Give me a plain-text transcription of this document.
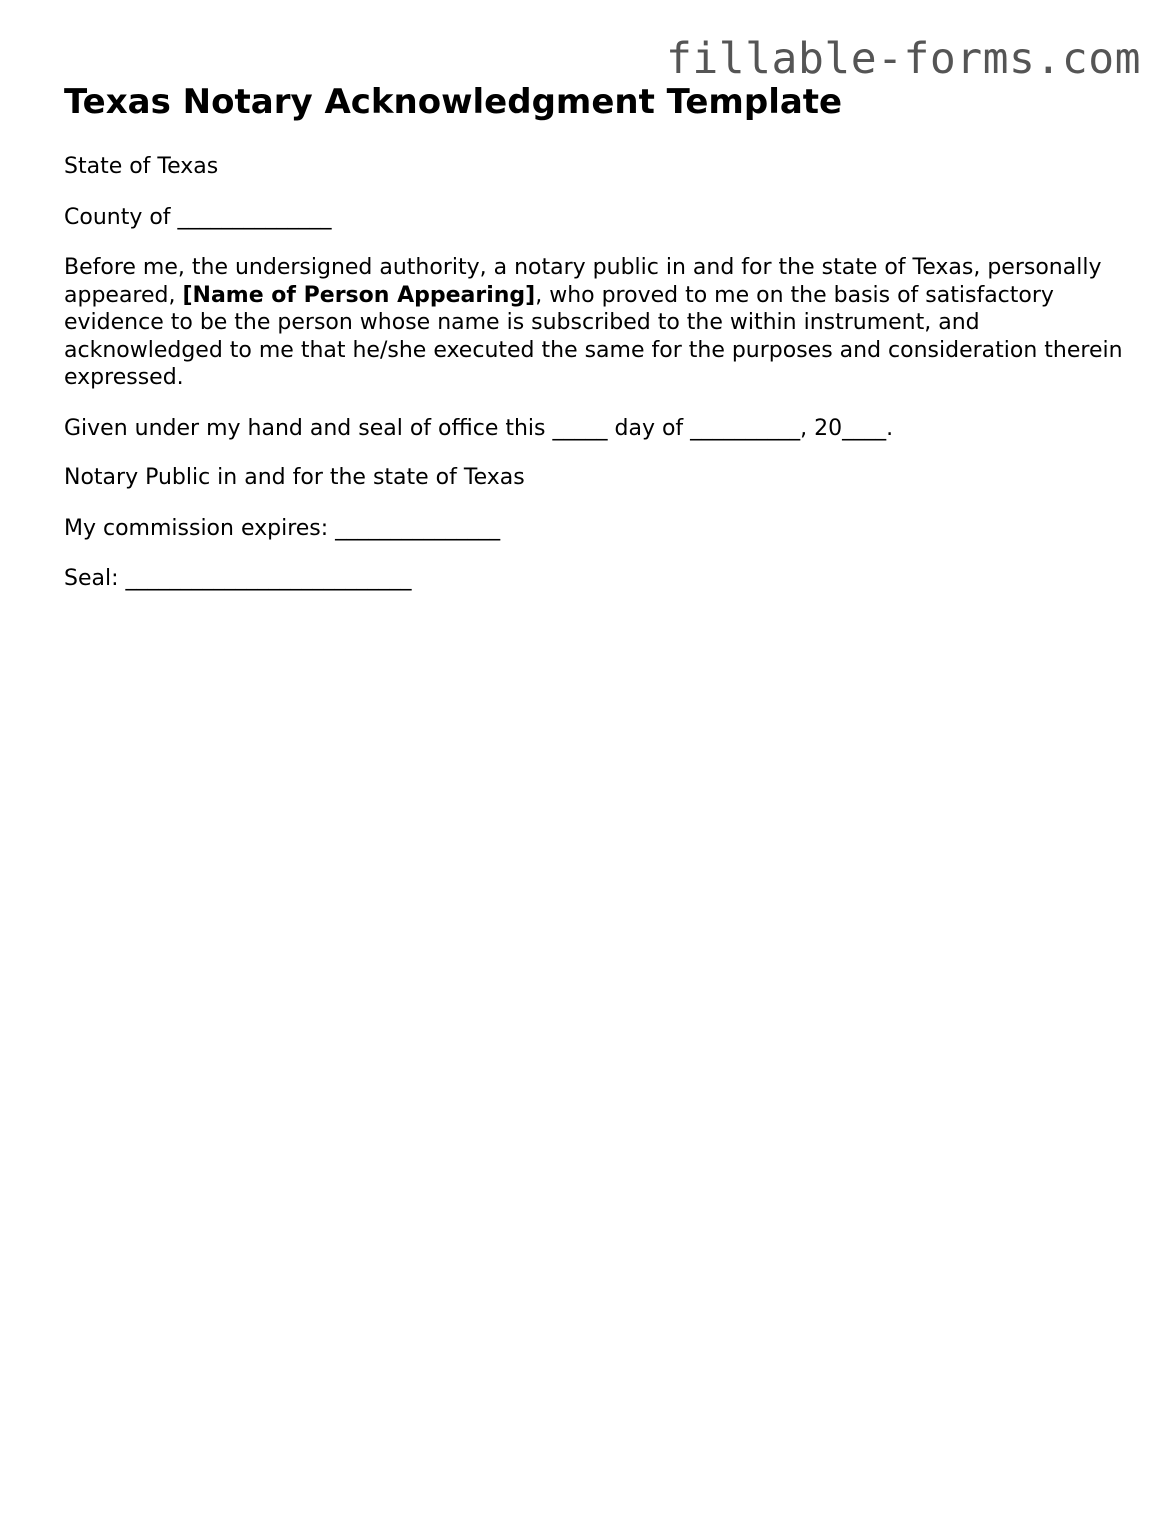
fillable-forms.com
Texas Notary Acknowledgment Template

State of Texas

County of ______________

Before me, the undersigned authority, a notary public in and for the state of Texas, personally appeared, [Name of Person Appearing], who proved to me on the basis of satisfactory evidence to be the person whose name is subscribed to the within instrument, and acknowledged to me that he/she executed the same for the purposes and consideration therein expressed.

Given under my hand and seal of office this _____ day of __________, 20____.

Notary Public in and for the state of Texas

My commission expires: _______________

Seal: __________________________
